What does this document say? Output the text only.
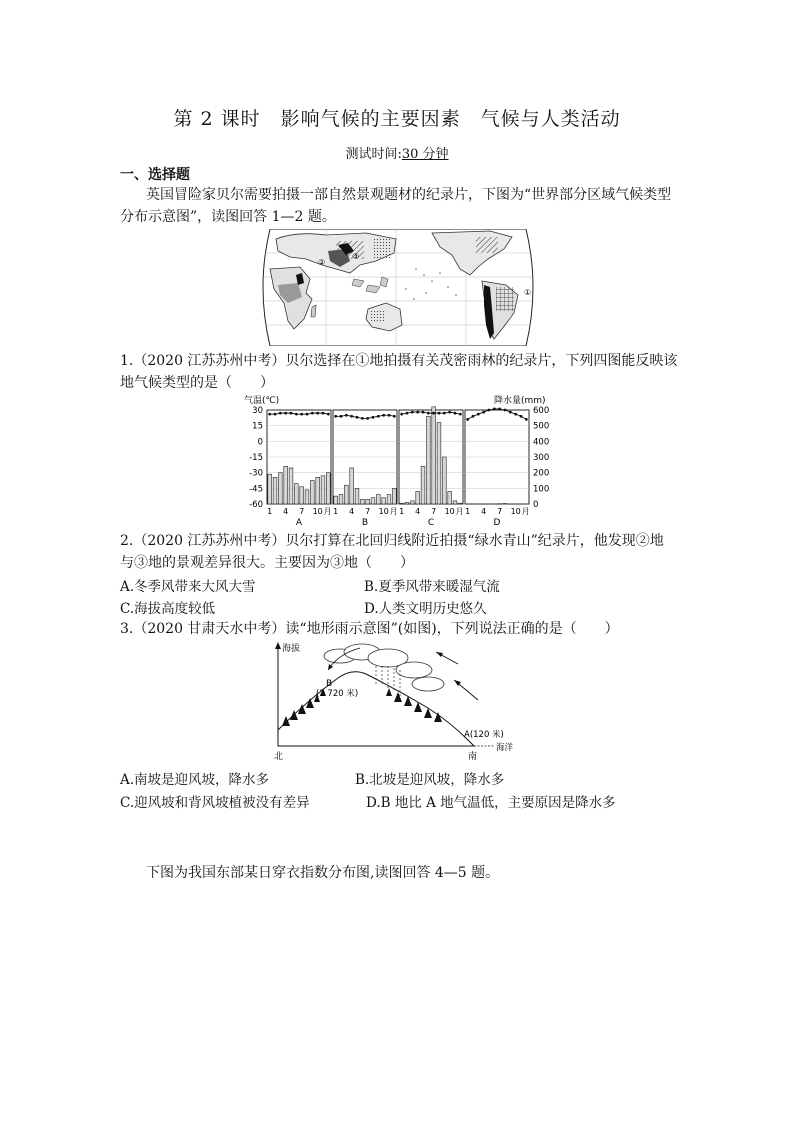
第 2 课时　影响气候的主要因素　气候与人类活动
测试时间:30 分钟
一、选择题
英国冒险家贝尔需要拍摄一部自然景观题材的纪录片，下图为“世界部分区域气候类型
分布示意图”，读图回答 1—2 题。
②
③
①
1.（2020 江苏苏州中考）贝尔选择在①地拍摄有关茂密雨林的纪录片，下列四图能反映该
地气候类型的是（　　）
气温(℃)	降水量(mm)
30
15
0
-15
-30
-45
-60
600
500
400
300
200
100
0
1 4 7 10 月
A
1 4 7 10 月
B
1 4 7 10 月
C
1 4 7 10 月
D
2.（2020 江苏苏州中考）贝尔打算在北回归线附近拍摄“绿水青山”纪录片，他发现②地
与③地的景观差异很大。主要因为③地（　　）
A.冬季风带来大风大雪	B.夏季风带来暖湿气流
C.海拔高度较低	D.人类文明历史悠久
3.（2020 甘肃天水中考）读“地形雨示意图”(如图)，下列说法正确的是（　　）
海拔
B
(2 720 米)
A(120 米)
海洋
北	南
A.南坡是迎风坡，降水多	B.北坡是迎风坡，降水多
C.迎风坡和背风坡植被没有差异	D.B 地比 A 地气温低，主要原因是降水多
下图为我国东部某日穿衣指数分布图,读图回答 4—5 题。
